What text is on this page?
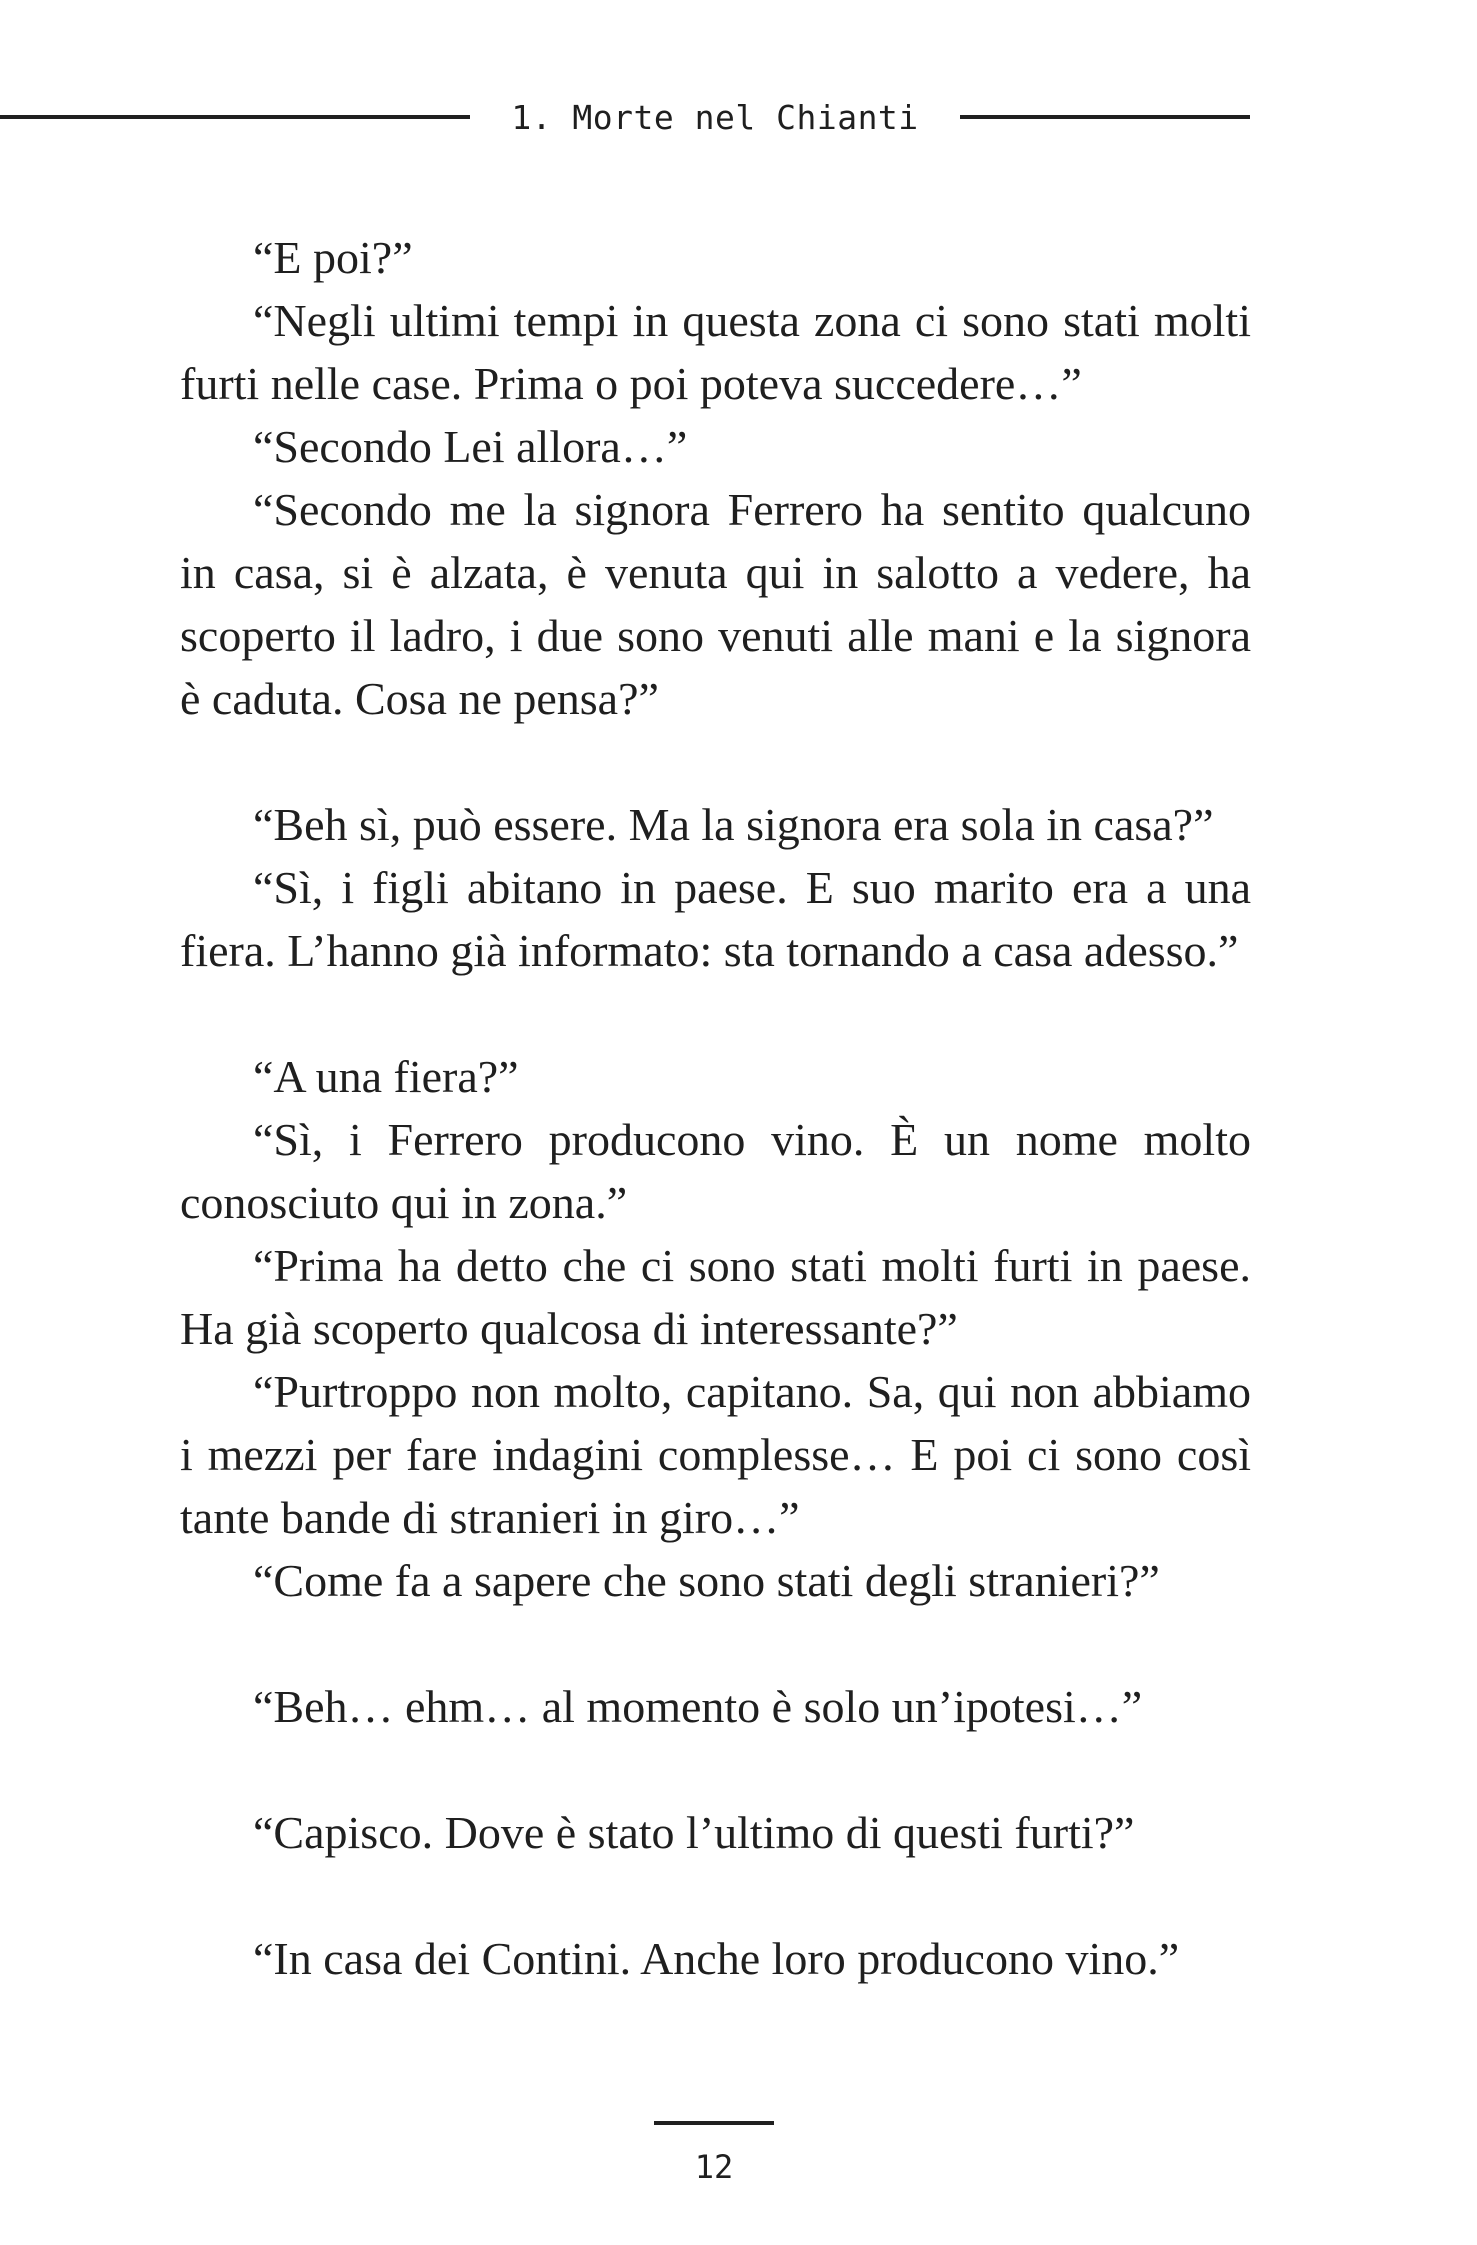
1. Morte nel Chianti

“E poi?”

“Negli ultimi tempi in questa zona ci sono stati molti furti nelle case. Prima o poi poteva succedere…”

“Secondo Lei allora…”

“Secondo me la signora Ferrero ha sentito qualcuno in casa, si è alzata, è venuta qui in salotto a vedere, ha scoperto il ladro, i due sono venuti alle mani e la signora è caduta. Cosa ne pensa?”

“Beh sì, può essere. Ma la signora era sola in casa?”

“Sì, i figli abitano in paese. E suo marito era a una fiera. L’hanno già informato: sta tornando a casa adesso.”

“A una fiera?”

“Sì, i Ferrero producono vino. È un nome molto conosciuto qui in zona.”

“Prima ha detto che ci sono stati molti furti in paese. Ha già scoperto qualcosa di interessante?”

“Purtroppo non molto, capitano. Sa, qui non abbiamo i mezzi per fare indagini complesse… E poi ci sono così tante bande di stranieri in giro…”

“Come fa a sapere che sono stati degli stranieri?”

“Beh… ehm… al momento è solo un’ipotesi…”

“Capisco. Dove è stato l’ultimo di questi furti?”

“In casa dei Contini. Anche loro producono vino.”

12
